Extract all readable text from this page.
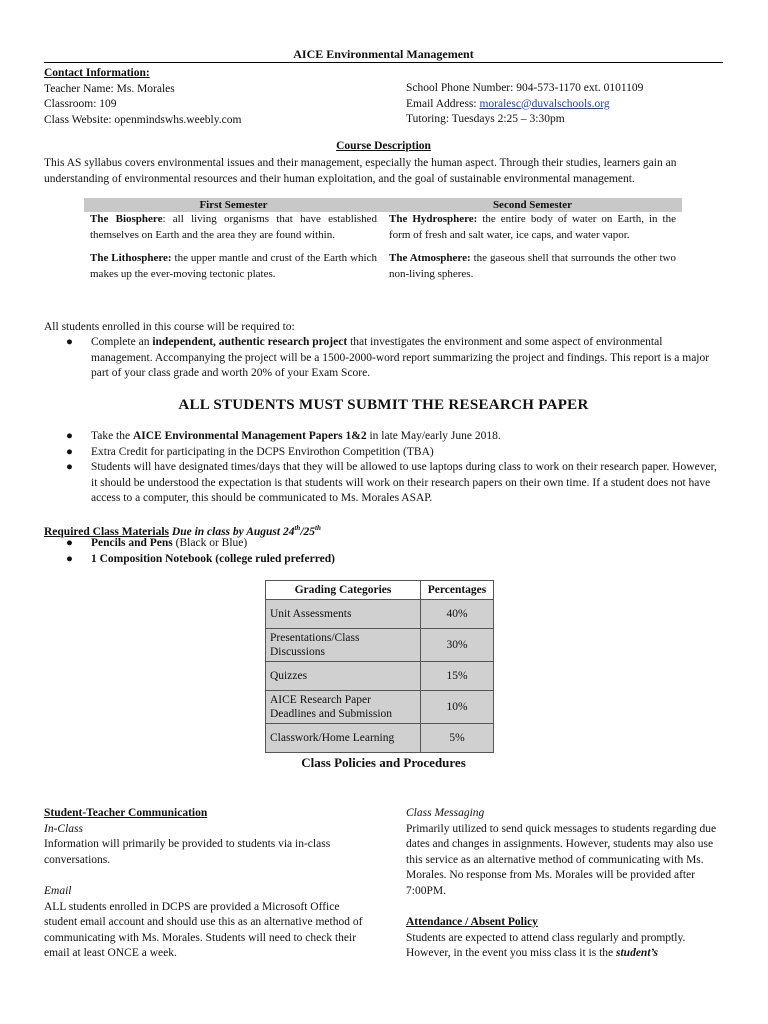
AICE Environmental Management
Contact Information:
Teacher Name: Ms. Morales
Classroom: 109
Class Website: openmindswhs.weebly.com
School Phone Number: 904-573-1170 ext. 0101109
Email Address: moralesc@duvalschools.org
Tutoring: Tuesdays 2:25 – 3:30pm
Course Description
This AS syllabus covers environmental issues and their management, especially the human aspect. Through their studies, learners gain an understanding of environmental resources and their human exploitation, and the goal of sustainable environmental management.
First Semester	Second Semester
The Biosphere: all living organisms that have established themselves on Earth and the area they are found within.	The Hydrosphere: the entire body of water on Earth, in the form of fresh and salt water, ice caps, and water vapor.
The Lithosphere: the upper mantle and crust of the Earth which makes up the ever-moving tectonic plates.	The Atmosphere: the gaseous shell that surrounds the other two non-living spheres.
All students enrolled in this course will be required to:
● Complete an independent, authentic research project that investigates the environment and some aspect of environmental management. Accompanying the project will be a 1500-2000-word report summarizing the project and findings. This report is a major part of your class grade and worth 20% of your Exam Score.
ALL STUDENTS MUST SUBMIT THE RESEARCH PAPER
● Take the AICE Environmental Management Papers 1&2 in late May/early June 2018.
● Extra Credit for participating in the DCPS Envirothon Competition (TBA)
● Students will have designated times/days that they will be allowed to use laptops during class to work on their research paper. However, it should be understood the expectation is that students will work on their research papers on their own time. If a student does not have access to a computer, this should be communicated to Ms. Morales ASAP.
Required Class Materials Due in class by August 24th/25th
● Pencils and Pens (Black or Blue)
● 1 Composition Notebook (college ruled preferred)
Grading Categories	Percentages
Unit Assessments	40%
Presentations/Class Discussions	30%
Quizzes	15%
AICE Research Paper Deadlines and Submission	10%
Classwork/Home Learning	5%
Class Policies and Procedures
Student-Teacher Communication
In-Class
Information will primarily be provided to students via in-class conversations.
Email
ALL students enrolled in DCPS are provided a Microsoft Office student email account and should use this as an alternative method of communicating with Ms. Morales. Students will need to check their email at least ONCE a week.
Class Messaging
Primarily utilized to send quick messages to students regarding due dates and changes in assignments. However, students may also use this service as an alternative method of communicating with Ms. Morales. No response from Ms. Morales will be provided after 7:00PM.
Attendance / Absent Policy
Students are expected to attend class regularly and promptly. However, in the event you miss class it is the student’s
